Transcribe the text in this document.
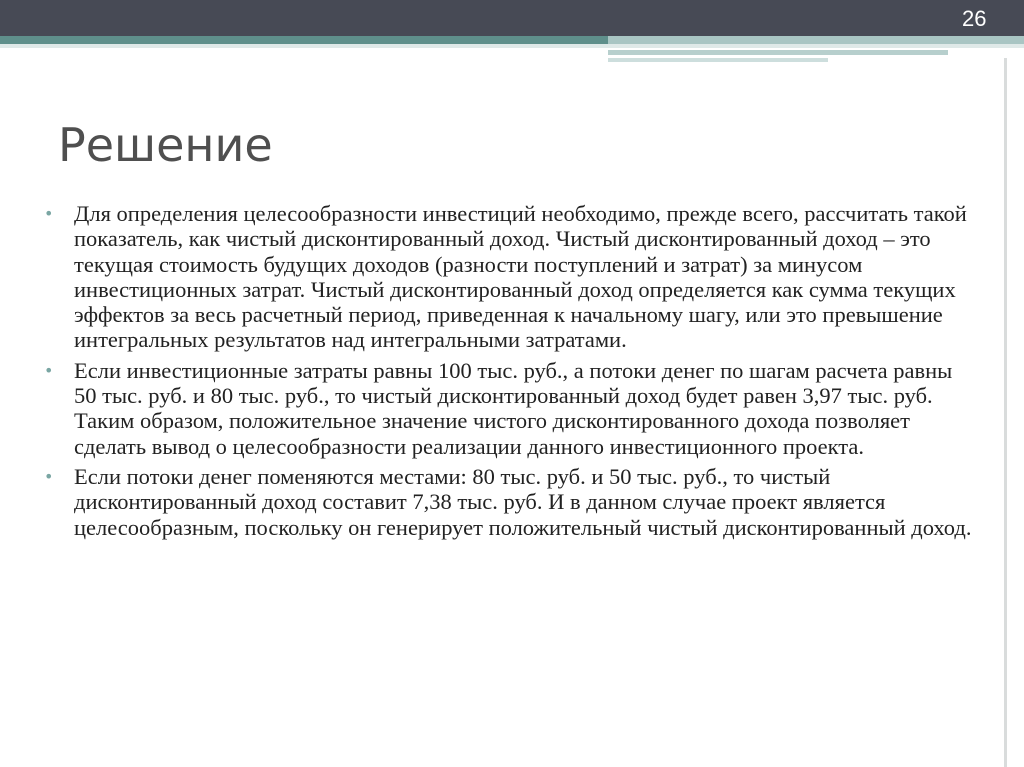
26
Решение
• Для определения целесообразности инвестиций необходимо, прежде всего, рассчитать такой показатель, как чистый дисконтированный доход. Чистый дисконтированный доход – это текущая стоимость будущих доходов (разности поступлений и затрат) за минусом инвестиционных затрат. Чистый дисконтированный доход определяется как сумма текущих эффектов за весь расчетный период, приведенная к начальному шагу, или это превышение интегральных результатов над интегральными затратами.
• Если инвестиционные затраты равны 100 тыс. руб., а потоки денег по шагам расчета равны 50 тыс. руб. и 80 тыс. руб., то чистый дисконтированный доход будет равен 3,97 тыс. руб. Таким образом, положительное значение чистого дисконтированного дохода позволяет сделать вывод о целесообразности реализации данного инвестиционного проекта.
• Если потоки денег поменяются местами: 80 тыс. руб. и 50 тыс. руб., то чистый дисконтированный доход составит 7,38 тыс. руб. И в данном случае проект является целесообразным, поскольку он генерирует положительный чистый дисконтированный доход.
